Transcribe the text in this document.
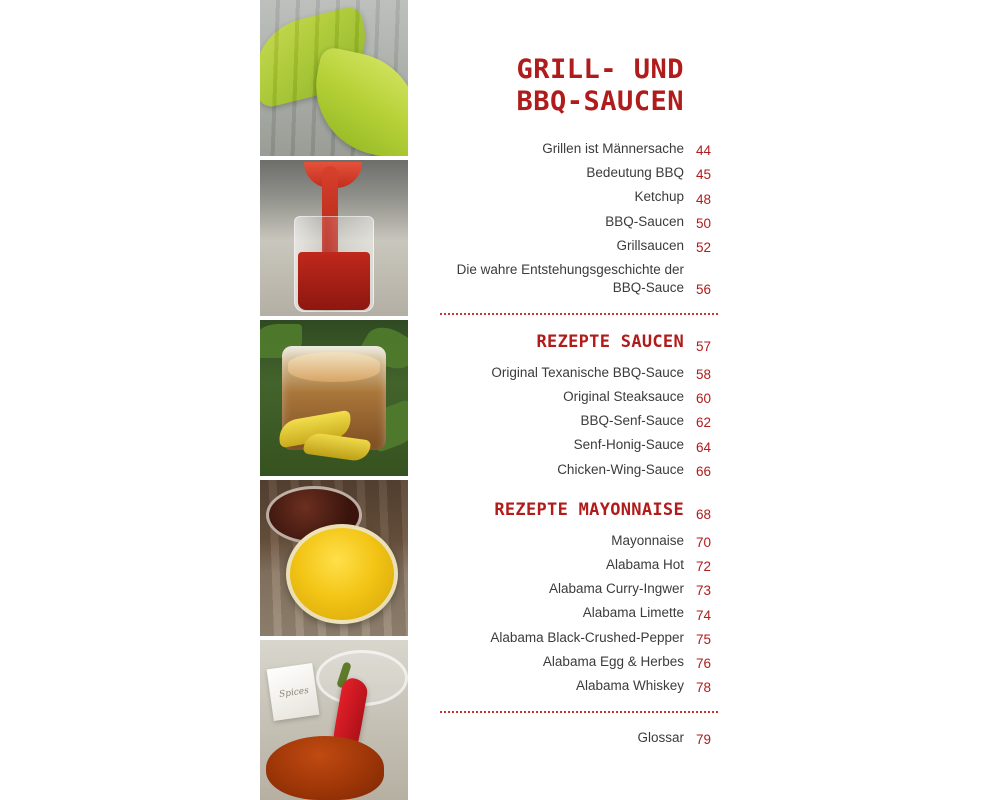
Spices
GRILL- UND
BBQ-SAUCEN
Grillen ist Männersache 44
Bedeutung BBQ 45
Ketchup 48
BBQ-Saucen 50
Grillsaucen 52
Die wahre Entstehungsgeschichte der BBQ-Sauce 56
REZEPTE SAUCEN 57
Original Texanische BBQ-Sauce 58
Original Steaksauce 60
BBQ-Senf-Sauce 62
Senf-Honig-Sauce 64
Chicken-Wing-Sauce 66
REZEPTE MAYONNAISE 68
Mayonnaise 70
Alabama Hot 72
Alabama Curry-Ingwer 73
Alabama Limette 74
Alabama Black-Crushed-Pepper 75
Alabama Egg & Herbes 76
Alabama Whiskey 78
Glossar 79
